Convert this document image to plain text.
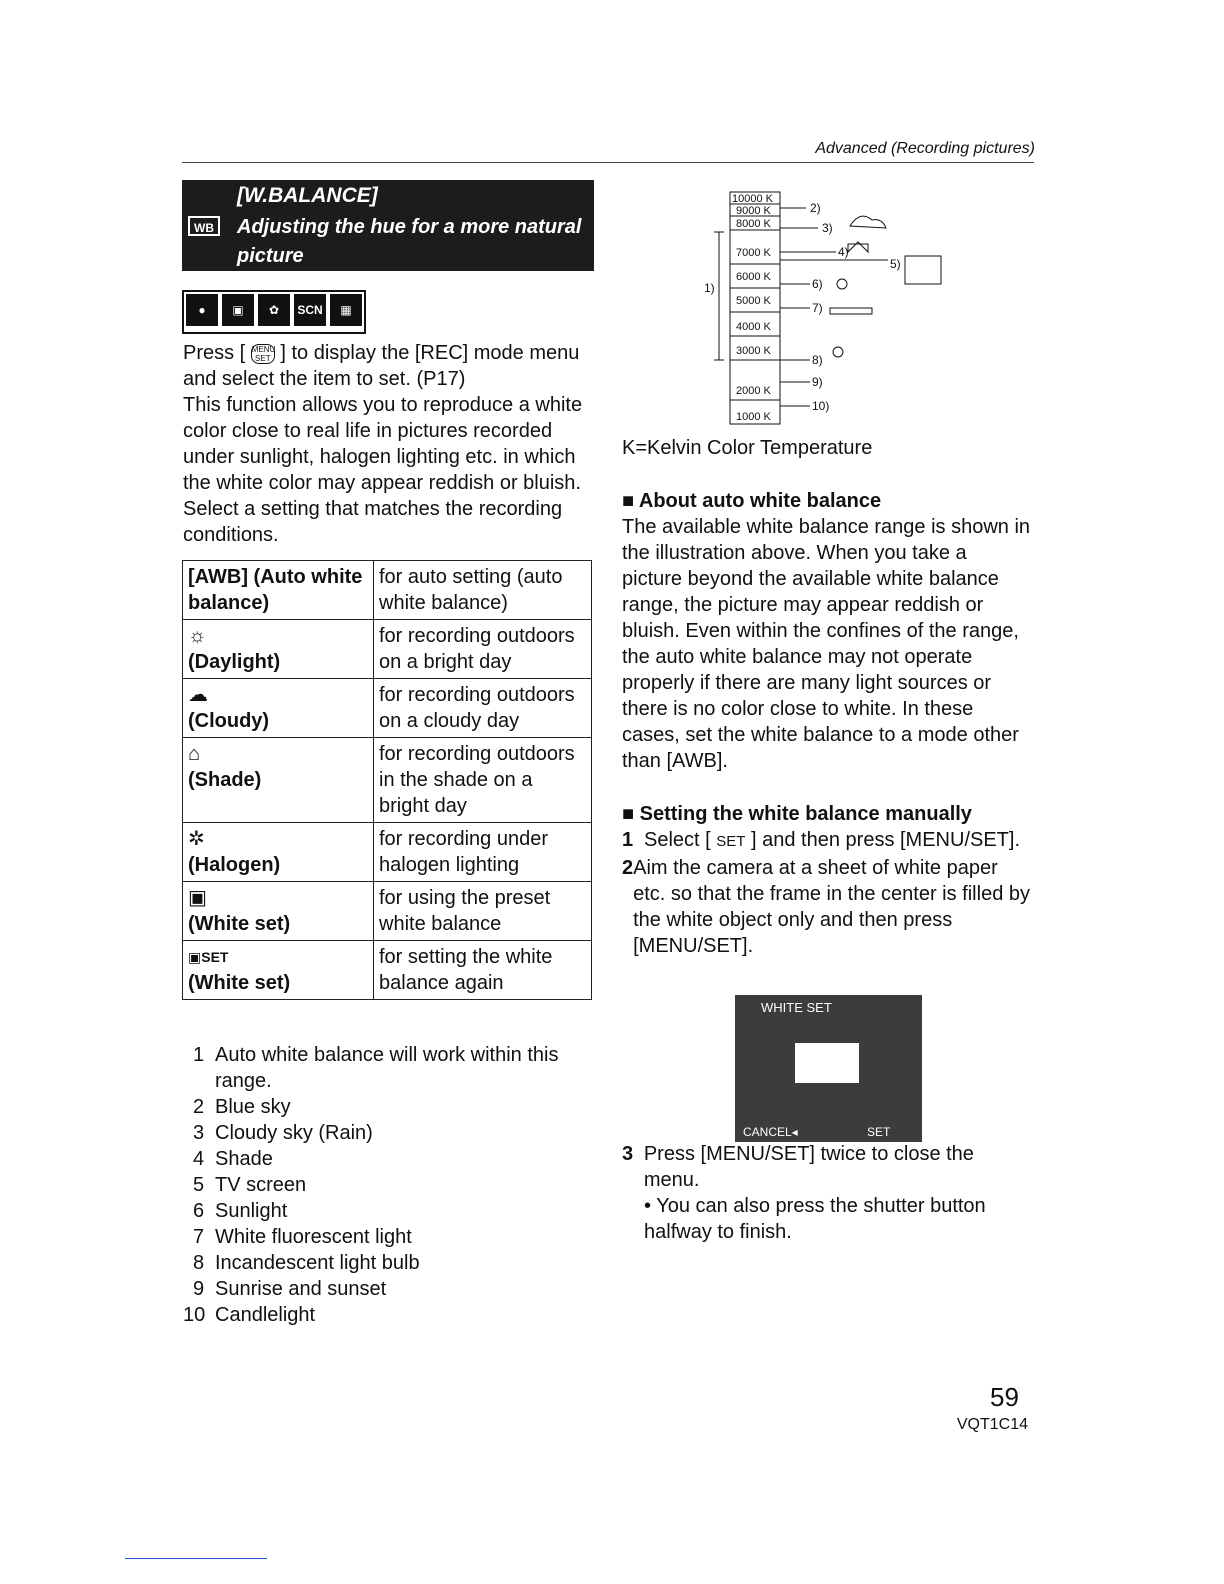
Advanced (Recording pictures)
WB
[W.BALANCE]
Adjusting the hue for a more natural picture
●	▣	✿	SCN	▦
Press [ MENU SET ] to display the [REC] mode menu and select the item to set. (P17)
This function allows you to reproduce a white color close to real life in pictures recorded under sunlight, halogen lighting etc. in which the white color may appear reddish or bluish. Select a setting that matches the recording conditions.
[AWB] (Auto white balance)	for auto setting (auto white balance)

☼
(Daylight)	for recording outdoors on a bright day

☁
(Cloudy)	for recording outdoors on a cloudy day

⌂
(Shade)	for recording outdoors in the shade on a bright day

✲
(Halogen)	for recording under halogen lighting

▣
(White set)	for using the preset white balance

▣SET
(White set)	for setting the white balance again
1 Auto white balance will work within this range.
2 Blue sky
3 Cloudy sky (Rain)
4 Shade
5 TV screen
6 Sunlight
7 White fluorescent light
8 Incandescent light bulb
9 Sunrise and sunset
10 Candlelight
10000 K
9000 K
8000 K
7000 K
6000 K
5000 K
4000 K
3000 K
2000 K
1000 K
1)
2)
3)
4)
5)
6)
7)
8)
9)
10)
K=Kelvin Color Temperature
■ About auto white balance
The available white balance range is shown in the illustration above. When you take a picture beyond the available white balance range, the picture may appear reddish or bluish. Even within the confines of the range, the auto white balance may not operate properly if there are many light sources or there is no color close to white. In these cases, set the white balance to a mode other than [AWB].
■ Setting the white balance manually
1 Select [ SET ] and then press [MENU/SET].
2 Aim the camera at a sheet of white paper etc. so that the frame in the center is filled by the white object only and then press [MENU/SET].
3 Press [MENU/SET] twice to close the menu.
• You can also press the shutter button halfway to finish.
WHITE SET
CANCEL◂	SET
59
VQT1C14
